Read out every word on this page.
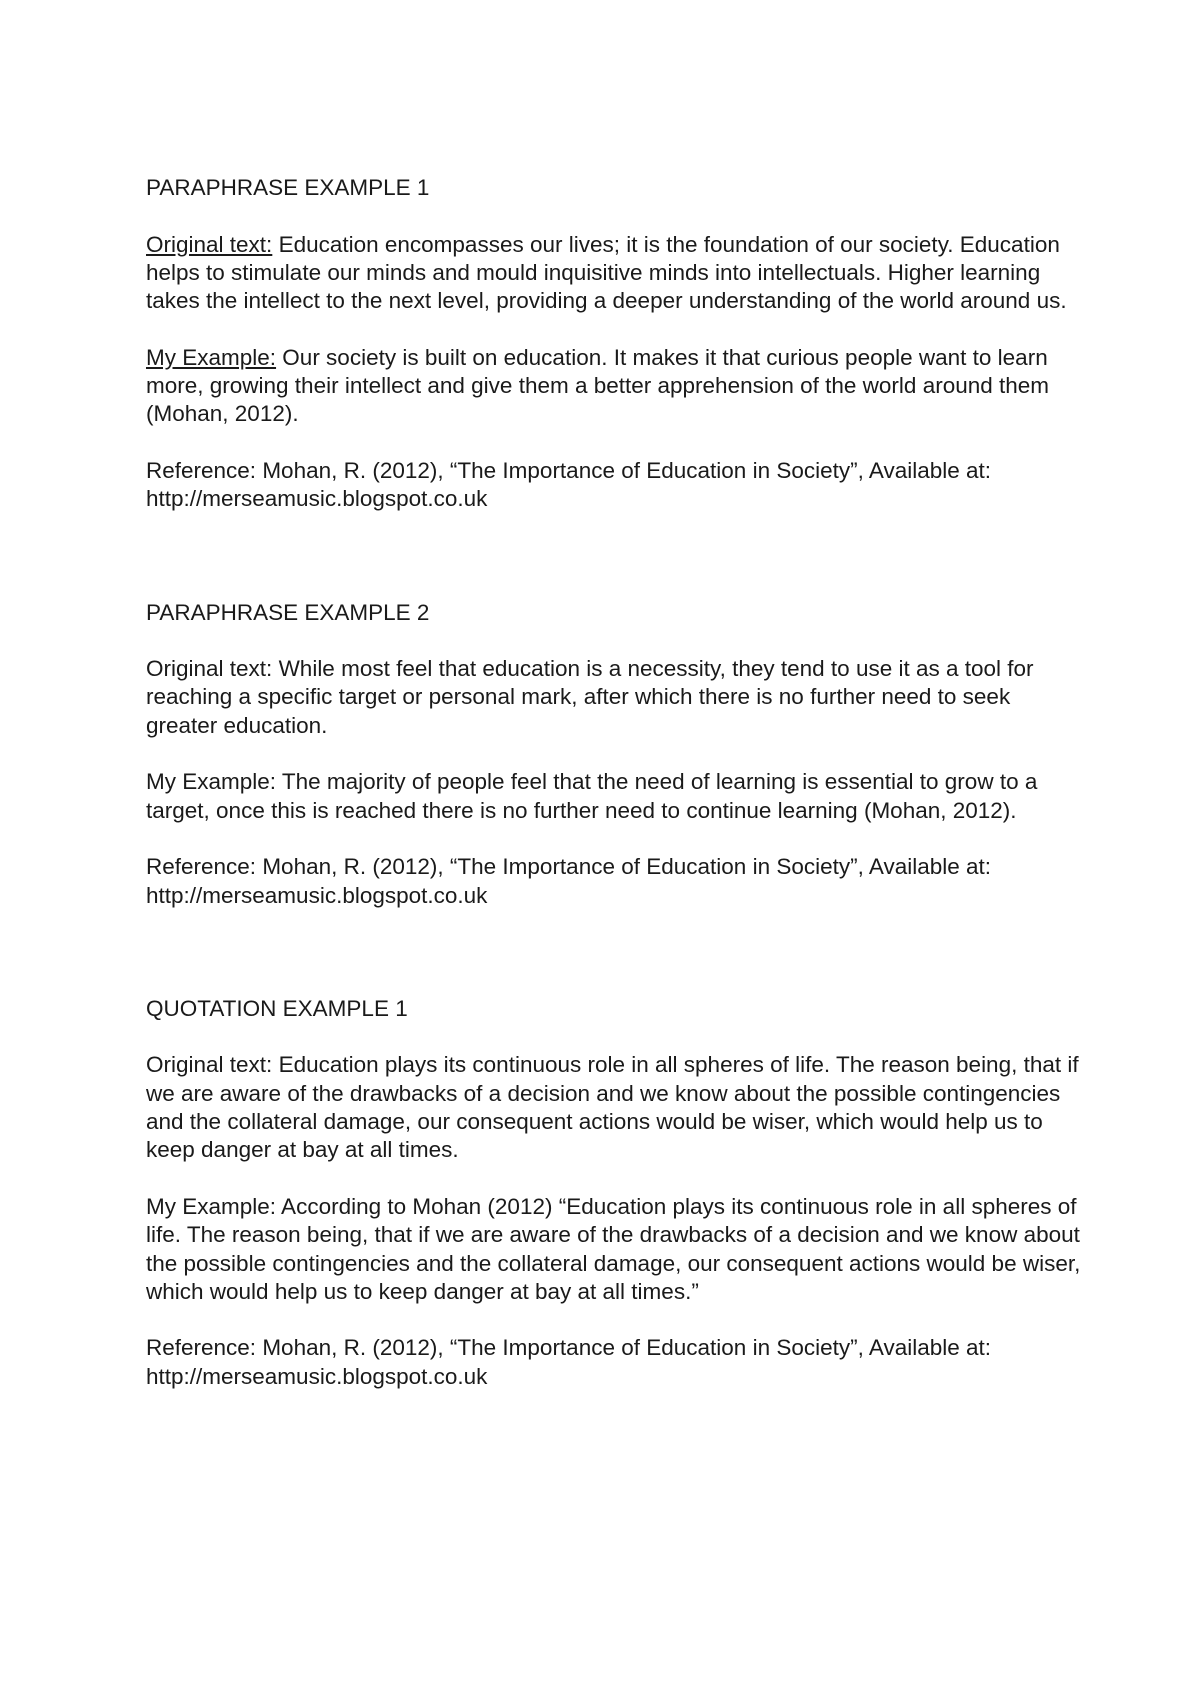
PARAPHRASE EXAMPLE 1

Original text: Education encompasses our lives; it is the foundation of our society. Education helps to stimulate our minds and mould inquisitive minds into intellectuals. Higher learning takes the intellect to the next level, providing a deeper understanding of the world around us.

My Example: Our society is built on education. It makes it that curious people want to learn more, growing their intellect and give them a better apprehension of the world around them (Mohan, 2012).

Reference: Mohan, R. (2012), “The Importance of Education in Society”, Available at: http://merseamusic.blogspot.co.uk

PARAPHRASE EXAMPLE 2

Original text: While most feel that education is a necessity, they tend to use it as a tool for reaching a specific target or personal mark, after which there is no further need to seek greater education.

My Example: The majority of people feel that the need of learning is essential to grow to a target, once this is reached there is no further need to continue learning (Mohan, 2012).

Reference: Mohan, R. (2012), “The Importance of Education in Society”, Available at: http://merseamusic.blogspot.co.uk

QUOTATION EXAMPLE 1

Original text: Education plays its continuous role in all spheres of life. The reason being, that if we are aware of the drawbacks of a decision and we know about the possible contingencies and the collateral damage, our consequent actions would be wiser, which would help us to keep danger at bay at all times.

My Example: According to Mohan (2012) “Education plays its continuous role in all spheres of life. The reason being, that if we are aware of the drawbacks of a decision and we know about the possible contingencies and the collateral damage, our consequent actions would be wiser, which would help us to keep danger at bay at all times.”

Reference: Mohan, R. (2012), “The Importance of Education in Society”, Available at: http://merseamusic.blogspot.co.uk
